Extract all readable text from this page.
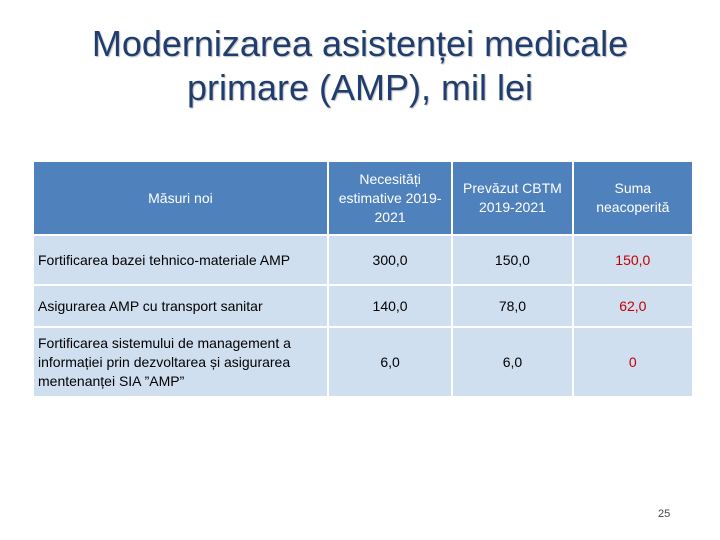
Modernizarea asistenței medicale
primare (AMP), mil lei
Măsuri noi	Necesități estimative 2019-2021	Prevăzut CBTM 2019-2021	Suma neacoperită
Fortificarea bazei tehnico-materiale AMP	300,0	150,0	150,0
Asigurarea AMP cu transport sanitar	140,0	78,0	62,0
Fortificarea sistemului de management a informației prin dezvoltarea și asigurarea mentenanței SIA ”AMP”	6,0	6,0	0
25
